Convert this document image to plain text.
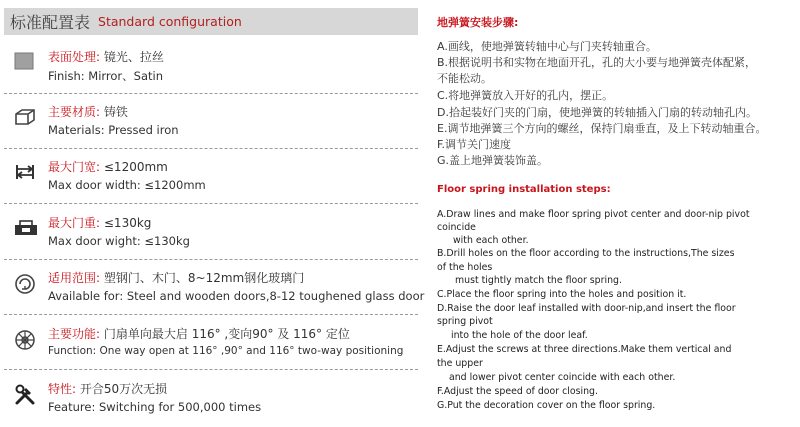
标准配置表 Standard configuration
表面处理: 镜光、拉丝
Finish: Mirror、Satin
主要材质: 铸铁
Materials: Pressed iron
最大门宽: ≤1200mm
Max door width: ≤1200mm
最大门重: ≤130kg
Max door wight: ≤130kg
适用范围: 塑钢门、木门、8~12mm钢化玻璃门
Available for: Steel and wooden doors,8-12 toughened glass door
主要功能: 门扇单向最大启 116° ,变向90° 及 116° 定位
Function: One way open at 116° ,90° and 116° two-way positioning
特性: 开合50万次无损
Feature: Switching for 500,000 times
地弹簧安装步骤:
A.画线，使地弹簧转轴中心与门夹转轴重合。
B.根据说明书和实物在地面开孔，孔的大小要与地弹簧壳体配紧，
不能松动。
C.将地弹簧放入开好的孔内，摆正。
D.拾起装好门夹的门扇，使地弹簧的转轴插入门扇的转动轴孔内。
E.调节地弹簧三个方向的螺丝，保持门扇垂直，及上下转动轴重合。
F.调节关门速度
G.盖上地弹簧装饰盖。
Floor spring installation steps:
A.Draw lines and make floor spring pivot center and door-nip pivot
coincide
with each other.
B.Drill holes on the floor according to the instructions,The sizes
of the holes
must tightly match the floor spring.
C.Place the floor spring into the holes and position it.
D.Raise the door leaf installed with door-nip,and insert the floor
spring pivot
into the hole of the door leaf.
E.Adjust the screws at three directions.Make them vertical and
the upper
and lower pivot center coincide with each other.
F.Adjust the speed of door closing.
G.Put the decoration cover on the floor spring.
